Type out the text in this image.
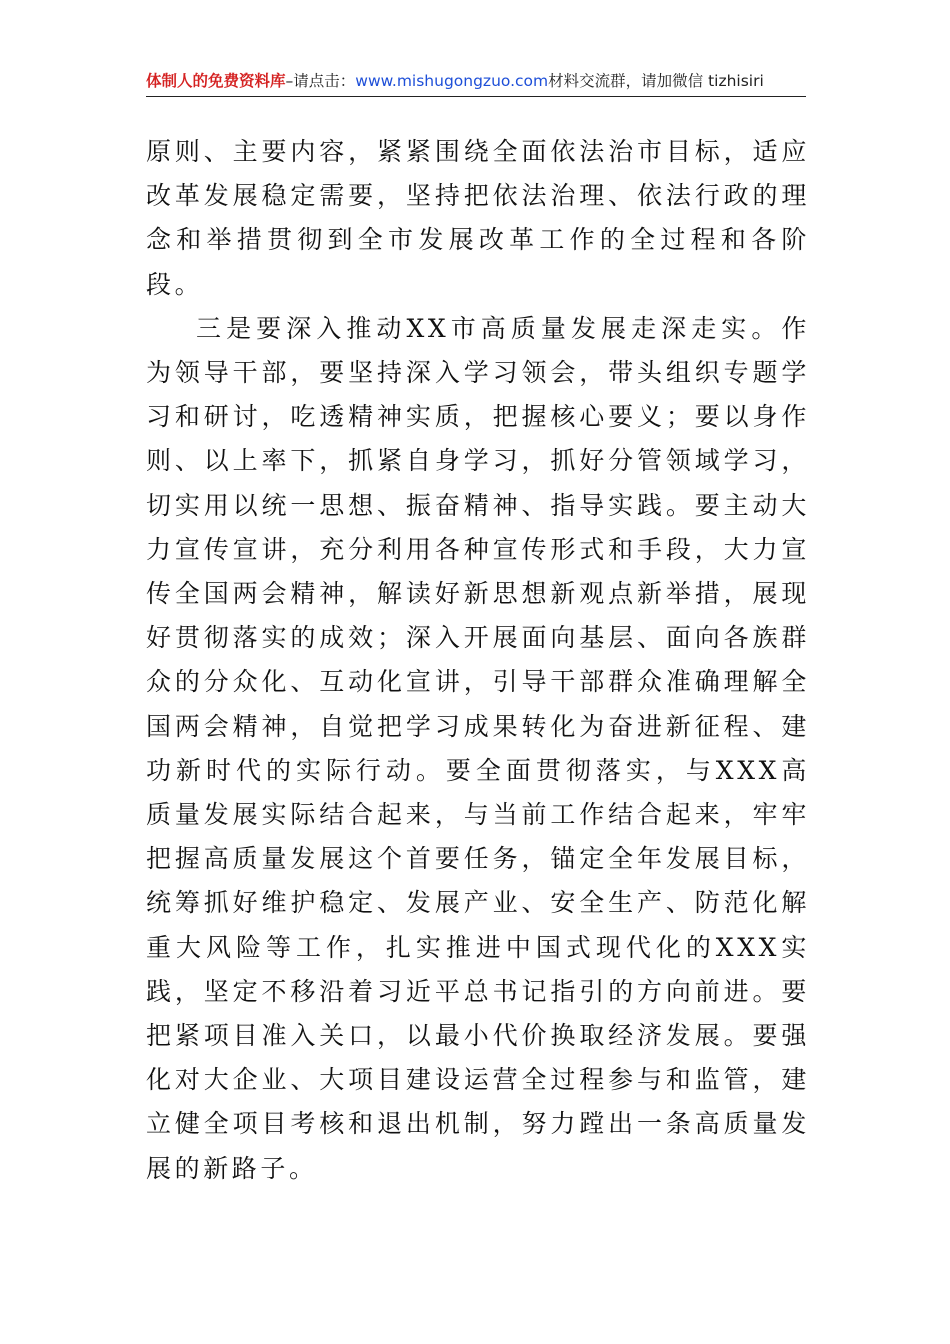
体制人的免费资料库–请点击：www.mishugongzuo.com材料交流群，请加微信 tizhisiri

原则、主要内容，紧紧围绕全面依法治市目标，适应改革发展稳定需要，坚持把依法治理、依法行政的理念和举措贯彻到全市发展改革工作的全过程和各阶段。

三是要深入推动XX市高质量发展走深走实。作为领导干部，要坚持深入学习领会，带头组织专题学习和研讨，吃透精神实质，把握核心要义；要以身作则、以上率下，抓紧自身学习，抓好分管领域学习，切实用以统一思想、振奋精神、指导实践。要主动大力宣传宣讲，充分利用各种宣传形式和手段，大力宣传全国两会精神，解读好新思想新观点新举措，展现好贯彻落实的成效；深入开展面向基层、面向各族群众的分众化、互动化宣讲，引导干部群众准确理解全国两会精神，自觉把学习成果转化为奋进新征程、建功新时代的实际行动。要全面贯彻落实，与XXX高质量发展实际结合起来，与当前工作结合起来，牢牢把握高质量发展这个首要任务，锚定全年发展目标，统筹抓好维护稳定、发展产业、安全生产、防范化解重大风险等工作，扎实推进中国式现代化的XXX实践，坚定不移沿着习近平总书记指引的方向前进。要把紧项目准入关口，以最小代价换取经济发展。要强化对大企业、大项目建设运营全过程参与和监管，建立健全项目考核和退出机制，努力蹚出一条高质量发展的新路子。
